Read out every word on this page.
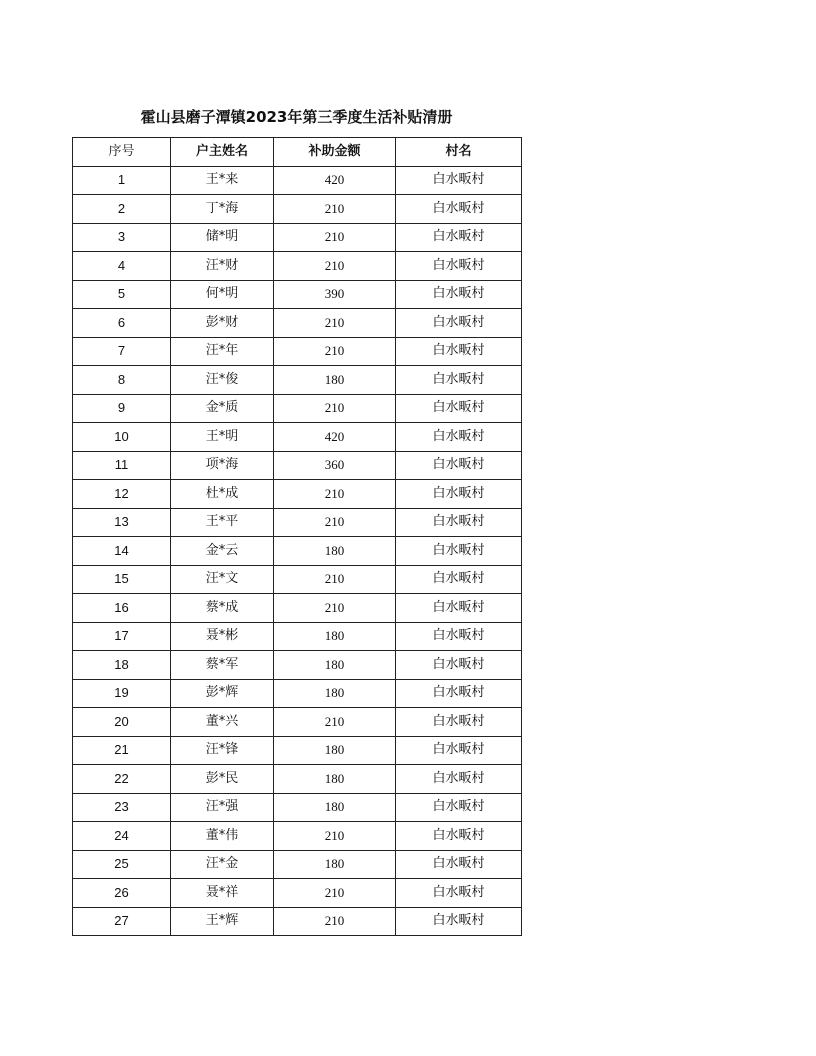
霍山县磨子潭镇2023年第三季度生活补贴清册
序号	户主姓名	补助金额	村名
1	王*来	420	白水畈村
2	丁*海	210	白水畈村
3	储*明	210	白水畈村
4	汪*财	210	白水畈村
5	何*明	390	白水畈村
6	彭*财	210	白水畈村
7	汪*年	210	白水畈村
8	汪*俊	180	白水畈村
9	金*质	210	白水畈村
10	王*明	420	白水畈村
11	项*海	360	白水畈村
12	杜*成	210	白水畈村
13	王*平	210	白水畈村
14	金*云	180	白水畈村
15	汪*文	210	白水畈村
16	蔡*成	210	白水畈村
17	聂*彬	180	白水畈村
18	蔡*军	180	白水畈村
19	彭*辉	180	白水畈村
20	董*兴	210	白水畈村
21	汪*锋	180	白水畈村
22	彭*民	180	白水畈村
23	汪*强	180	白水畈村
24	董*伟	210	白水畈村
25	汪*金	180	白水畈村
26	聂*祥	210	白水畈村
27	王*辉	210	白水畈村
